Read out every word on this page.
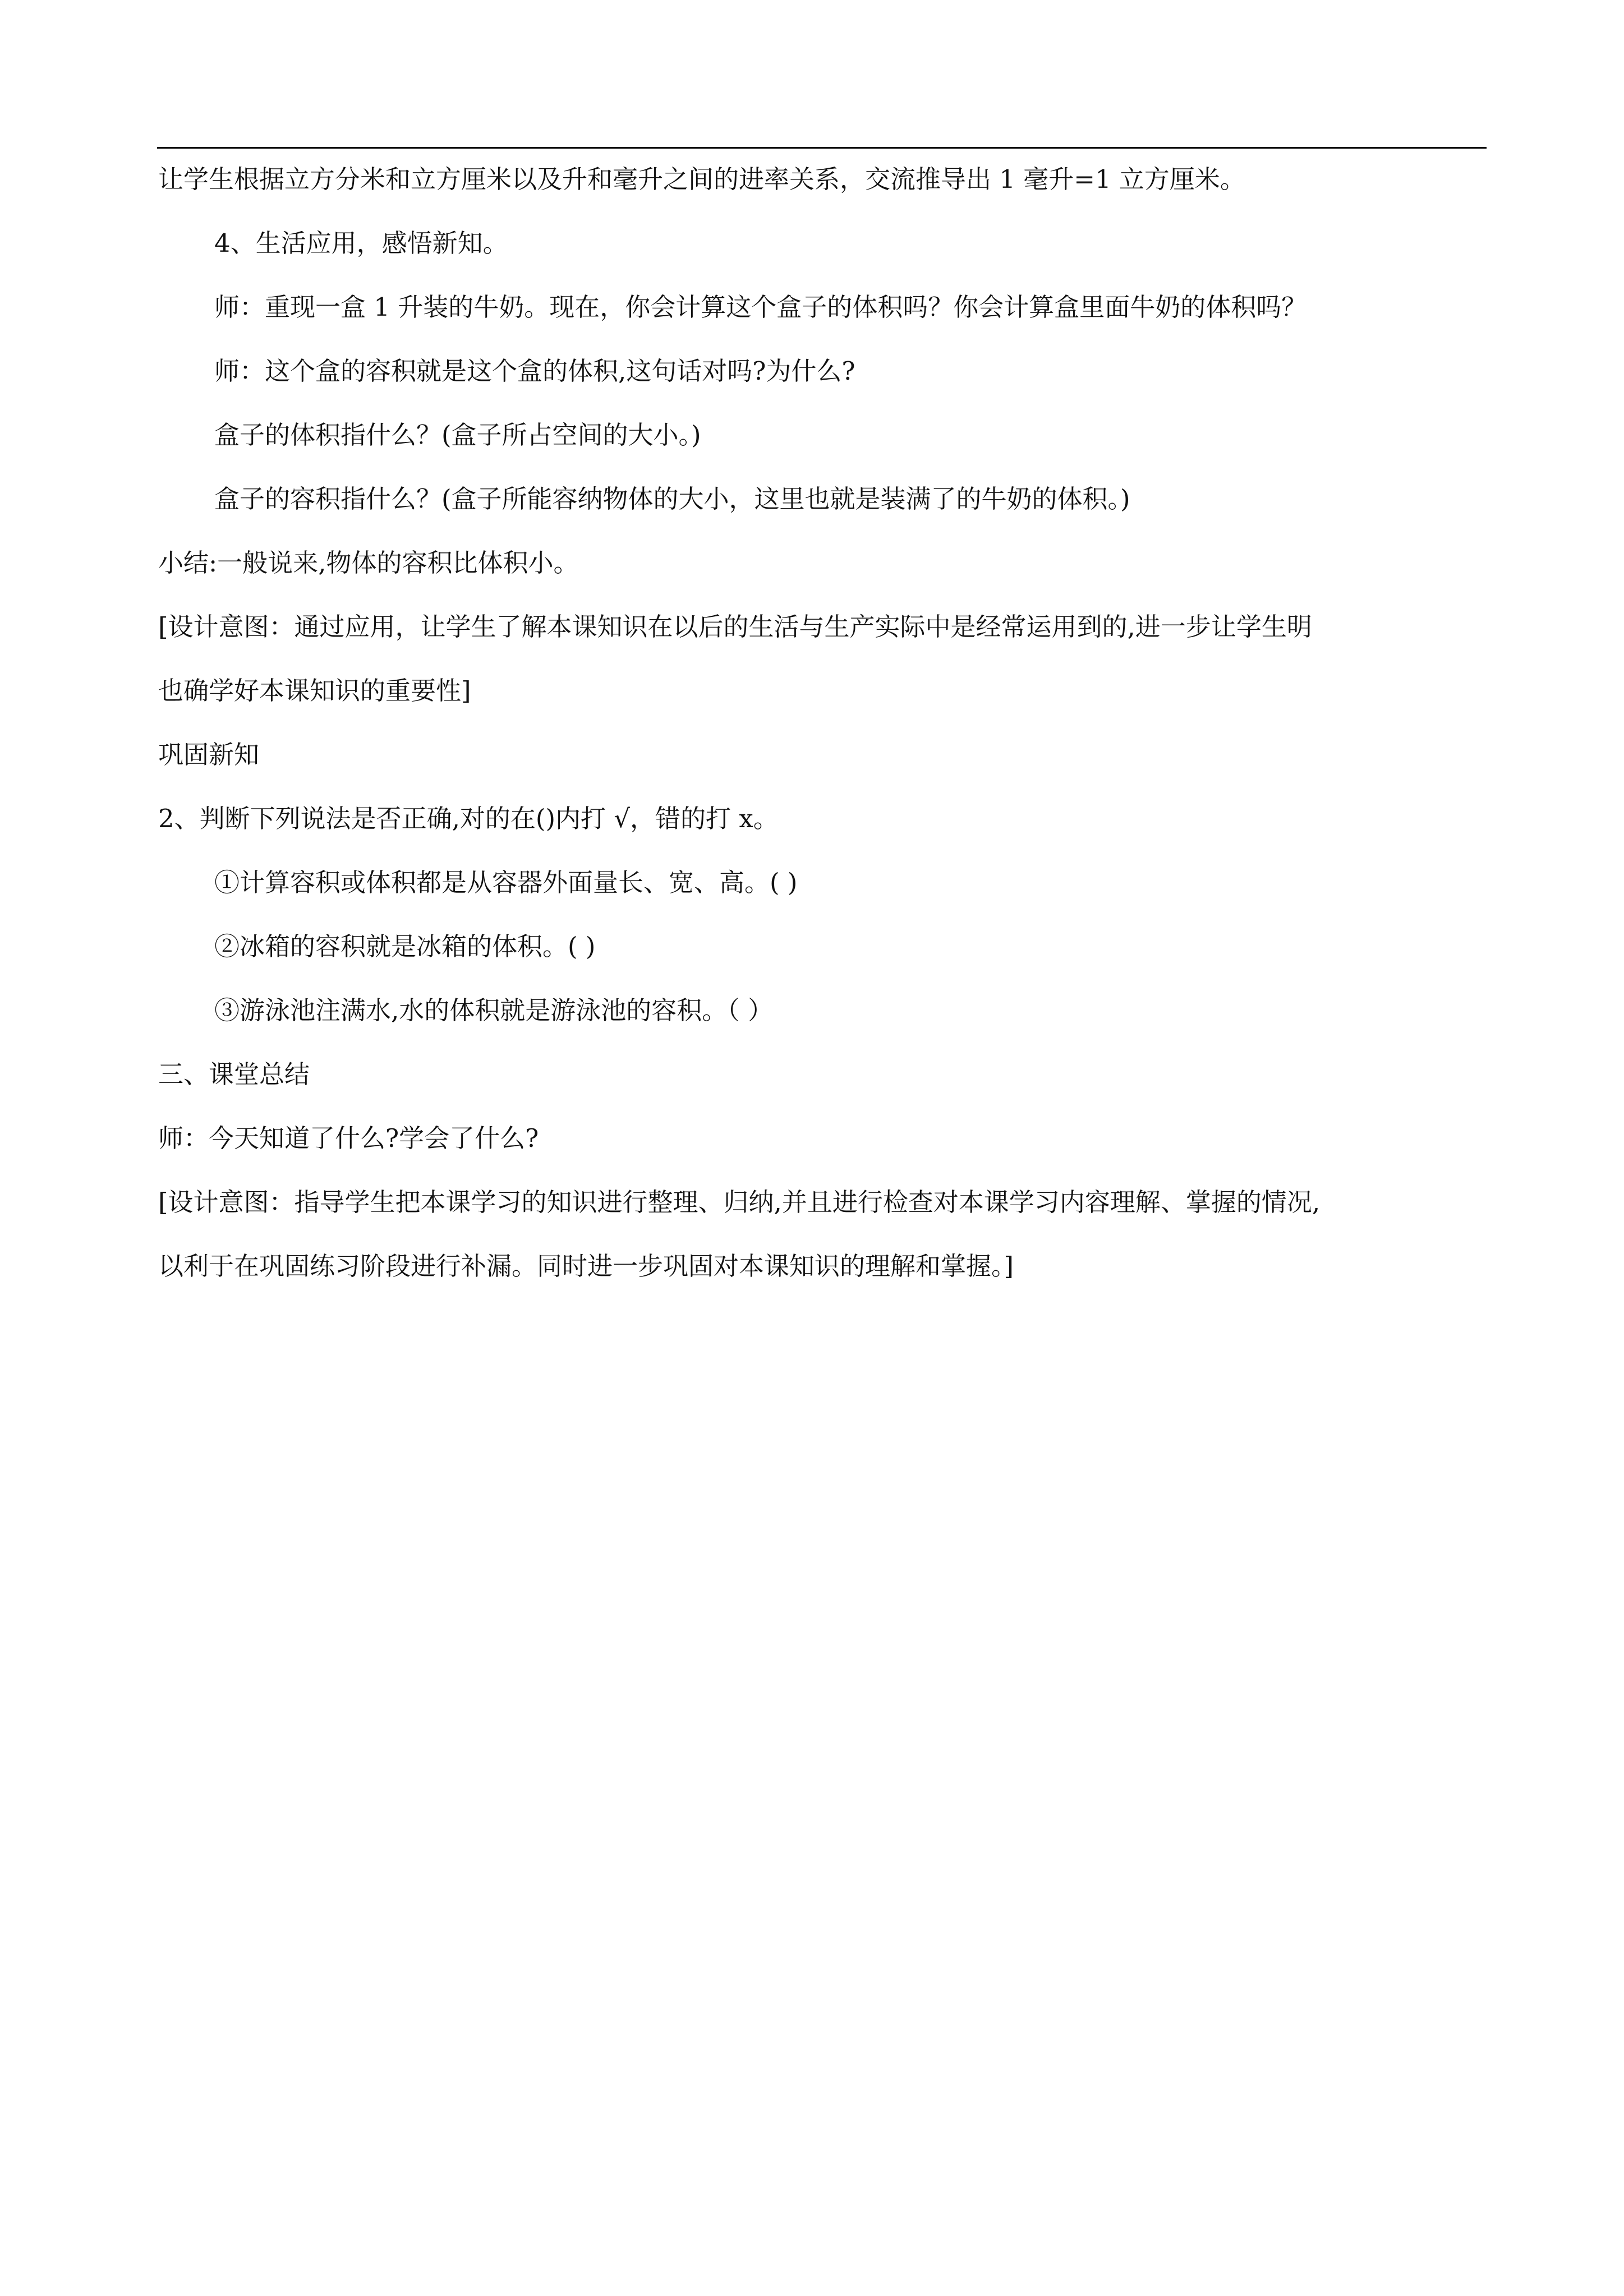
让学生根据立方分米和立方厘米以及升和毫升之间的进率关系，交流推导出 1 毫升=1 立方厘米。

4、生活应用，感悟新知。

师：重现一盒 1 升装的牛奶。现在，你会计算这个盒子的体积吗？你会计算盒里面牛奶的体积吗？

师：这个盒的容积就是这个盒的体积,这句话对吗?为什么?

盒子的体积指什么？(盒子所占空间的大小。)

盒子的容积指什么？(盒子所能容纳物体的大小，这里也就是装满了的牛奶的体积。)

小结:一般说来,物体的容积比体积小。

[设计意图：通过应用，让学生了解本课知识在以后的生活与生产实际中是经常运用到的,进一步让学生明

也确学好本课知识的重要性]

巩固新知

2、判断下列说法是否正确,对的在()内打 √，错的打 x。

①计算容积或体积都是从容器外面量长、宽、高。( )

②冰箱的容积就是冰箱的体积。( )

③游泳池注满水,水的体积就是游泳池的容积。（ ）

三、课堂总结

师：今天知道了什么?学会了什么?

[设计意图：指导学生把本课学习的知识进行整理、归纳,并且进行检查对本课学习内容理解、掌握的情况,

以利于在巩固练习阶段进行补漏。同时进一步巩固对本课知识的理解和掌握。]
